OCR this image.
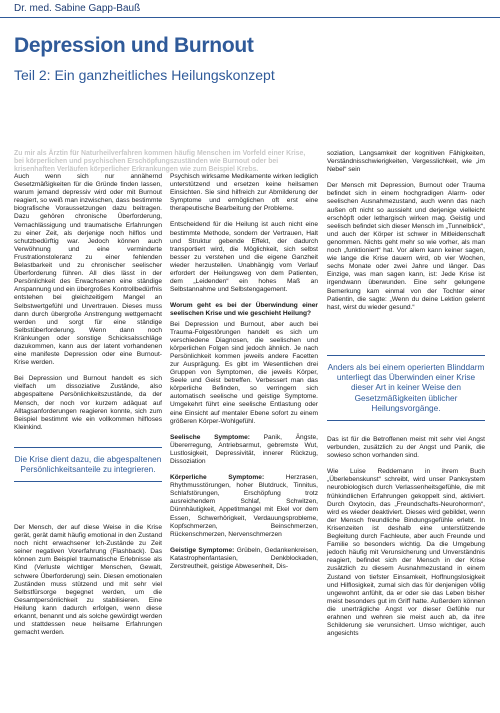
Dr. med. Sabine Gapp-Bauß
Depression und Burnout
Teil 2: Ein ganzheitliches Heilungskonzept
Zu mir als Ärztin für Naturheilverfahren kommen häufig Menschen im Vorfeld einer Krise, bei körperlichen und psychischen Erschöpfungszuständen wie Burnout oder bei krisenhaften Verläufen körperlicher Erkrankungen wie zum Beispiel Krebs.

Auch wenn sich nur annähernd Gesetzmäßigkeiten für die Gründe finden lassen, warum jemand depressiv wird oder mit Burnout reagiert, so weiß man inzwischen, dass bestimmte biografische Voraussetzungen dazu beitragen. Dazu gehören chronische Überforderung, Vernachlässigung und traumatische Erfahrungen zu einer Zeit, als derjenige noch hilflos und schutzbedürftig war. Jedoch können auch Verwöhnung und eine verminderte Frustrationstoleranz zu einer fehlenden Belastbarkeit und zu chronischer seelischer Überforderung führen. All dies lässt in der Persönlichkeit des Erwachsenen eine ständige Anspannung und ein übergroßes Kontrollbedürfnis entstehen bei gleichzeitigem Mangel an Selbstwertgefühl und Urvertrauen. Dieses muss dann durch übergroße Anstrengung wettgemacht werden und sorgt für eine ständige Selbstüberforderung. Wenn dann noch Kränkungen oder sonstige Schicksalsschläge dazukommen, kann aus der latent vorhandenen eine manifeste Depression oder eine Burnout-Krise werden.

Bei Depression und Burnout handelt es sich vielfach um dissoziative Zustände, also abgespaltene Persönlichkeitszustände, da der Mensch, der noch vor kurzem adäquat auf Alltagsanforderungen reagieren konnte, sich zum Beispiel bestimmt wie ein vollkommen hilfloses Kleinkind.

Die Krise dient dazu, die abgespaltenen Persönlichkeitsanteile zu integrieren.

Der Mensch, der auf diese Weise in die Krise gerät, gerät damit häufig emotional in den Zustand noch nicht erwachsener Ich-Zustände zu Zeit seiner negativen Vorerfahrung (Flashback). Das können zum Beispiel traumatische Erlebnisse als Kind (Verluste wichtiger Menschen, Gewalt, schwere Überforderung) sein. Diesen emotionalen Zuständen muss stützend und mit sehr viel Selbstfürsorge begegnet werden, um die Gesamtpersönlichkeit zu stabilisieren. Eine Heilung kann dadurch erfolgen, wenn diese erkannt, benannt und als solche gewürdigt werden und stattdessen neue heilsame Erfahrungen gemacht werden.

Psychisch wirksame Medikamente wirken lediglich unterstützend und ersetzen keine heilsamen Einsichten. Sie sind hilfreich zur Abmilderung der Symptome und ermöglichen oft erst eine therapeutische Bearbeitung der Probleme.

Entscheidend für die Heilung ist auch nicht eine bestimmte Methode, sondern der Vertrauen, Halt und Struktur gebende Effekt, der dadurch transportiert wird, die Möglichkeit, sich selbst besser zu verstehen und die eigene Ganzheit wieder herzustellen. Unabhängig vom Verlauf erfordert der Heilungsweg von dem Patienten, dem „Leidenden“ ein hohes Maß an Selbstannahme und Selbstengagement.

Worum geht es bei der Überwindung einer seelischen Krise und wie geschieht Heilung?

Bei Depression und Burnout, aber auch bei Trauma-Folgestörungen handelt es sich um verschiedene Diagnosen, die seelischen und körperlichen Folgen sind jedoch ähnlich. Je nach Persönlichkeit kommen jeweils andere Facetten zur Ausprägung. Es gibt im Wesentlichen drei Gruppen von Symptomen, die jeweils Körper, Seele und Geist betreffen. Verbessert man das körperliche Befinden, so verringern sich automatisch seelische und geistige Symptome. Umgekehrt führt eine seelische Entlastung oder eine Einsicht auf mentaler Ebene sofort zu einem größeren Körper-Wohlgefühl.

Seelische Symptome: Panik, Ängste, Übererregung, Antriebsarmut, gebremste Wut, Lustlosigkeit, Depressivität, innerer Rückzug, Dissoziation

Körperliche Symptome: Herzrasen, Rhythmusstörungen, hoher Blutdruck, Tinnitus, Schlafstörungen, Erschöpfung trotz ausreichendem Schlaf, Schwitzen, Dünnhäutigkeit, Appetitmangel mit Ekel vor dem Essen, Schwerhörigkeit, Verdauungsprobleme, Kopfschmerzen, Beinschmerzen, Rückenschmerzen, Nervenschmerzen

Geistige Symptome: Grübeln, Gedankenkreisen, Katastrophenfantasien, Denkblockaden, Zerstreutheit, geistige Abwesenheit, Dis-

soziation, Langsamkeit der kognitiven Fähigkeiten, Verständnisschwierigkeiten, Vergesslichkeit, wie „im Nebel“ sein

Der Mensch mit Depression, Burnout oder Trauma befindet sich in einem hochgradigen Alarm- oder seelischen Ausnahmezustand, auch wenn das nach außen oft nicht so aussieht und derjenige vielleicht erschöpft oder lethargisch wirken mag. Geistig und seelisch befindet sich dieser Mensch im „Tunnelblick“, und auch der Körper ist schwer in Mitleidenschaft genommen. Nichts geht mehr so wie vorher, als man noch „funktioniert“ hat. Vor allem kann keiner sagen, wie lange die Krise dauern wird, ob vier Wochen, sechs Monate oder zwei Jahre und länger. Das Einzige, was man sagen kann, ist: Jede Krise ist irgendwann überwunden. Eine sehr gelungene Bemerkung kam einmal von der Tochter einer Patientin, die sagte: „Wenn du deine Lektion gelernt hast, wirst du wieder gesund.“

Anders als bei einem operierten Blinddarm unterliegt das Überwinden einer Krise dieser Art in keiner Weise den Gesetzmäßigkeiten üblicher Heilungsvorgänge.

Das ist für die Betroffenen meist mit sehr viel Angst verbunden, zusätzlich zu der Angst und Panik, die sowieso schon vorhanden sind.

Wie Luise Reddemann in ihrem Buch „Überlebenskunst“ schreibt, wird unser Panksystem neurobiologisch durch Verlassenheitsgefühle, die mit frühkindlichen Erfahrungen gekoppelt sind, aktiviert. Durch Oxytocin, das „Freundschafts-Neurohormon“, wird es wieder deaktiviert. Dieses wird gebildet, wenn der Mensch freundliche Bindungsgefühle erlebt. In Krisenzeiten ist deshalb eine unterstützende Begleitung durch Fachleute, aber auch Freunde und Familie so besonders wichtig. Da die Umgebung jedoch häufig mit Verunsicherung und Unverständnis reagiert, befindet sich der Mensch in der Krise zusätzlich zu diesem Ausnahmezustand in einem Zustand von tiefster Einsamkeit, Hoffnungslosigkeit und Hilflosigkeit, zumal sich das für denjenigen völlig ungewohnt anfühlt, da er oder sie das Leben bisher meist besonders gut im Griff hatte. Außerdem können die unerträgliche Angst vor dieser Gefühle nur erahnen und wehren sie meist auch ab, da ihre Schilderung sie verunsichert. Umso wichtiger, auch angesichts
